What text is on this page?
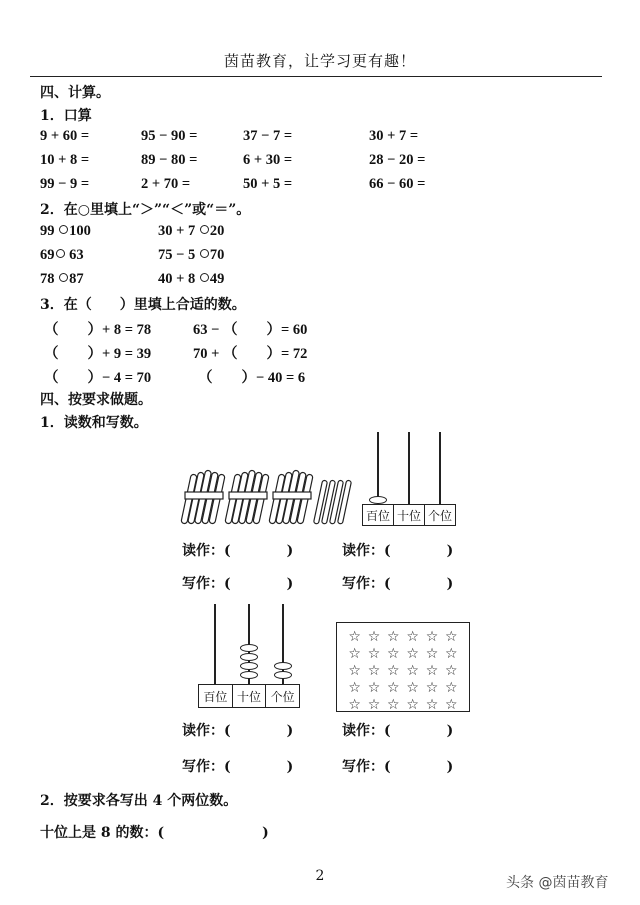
茵苗教育，让学习更有趣！
四、计算。
1．口算
9 + 60 =	95 − 90 =	37 − 7 =	30 + 7 =
10 + 8 =	89 − 80 =	6 + 30 =	28 − 20 =
99 − 9 =	2 + 70 =	50 + 5 =	66 − 60 =
2．在○里填上“＞”“＜”或“＝”。
99 100	30 + 7 20
69 63	75 − 5 70
78 87	40 + 8 49
3．在（　　）里填上合适的数。
（　　）+ 8 = 78	63 − （　　）= 60
（　　）+ 9 = 39	70 + （　　）= 72
（　　）− 4 = 70	（　　）− 40 = 6
四、按要求做题。
1．读数和写数。
百位 十位 个位
读作：(　　　　)	读作：(　　　　)
写作：(　　　　)	写作：(　　　　)
百位 十位 个位
☆ ☆ ☆ ☆ ☆ ☆
☆ ☆ ☆ ☆ ☆ ☆
☆ ☆ ☆ ☆ ☆ ☆
☆ ☆ ☆ ☆ ☆ ☆
☆ ☆ ☆ ☆ ☆ ☆
读作：(　　　　)	读作：(　　　　)
写作：(　　　　)	写作：(　　　　)
2．按要求各写出 4 个两位数。
十位上是 8 的数：(　　　　　　　)
2	头条 @茵苗教育
